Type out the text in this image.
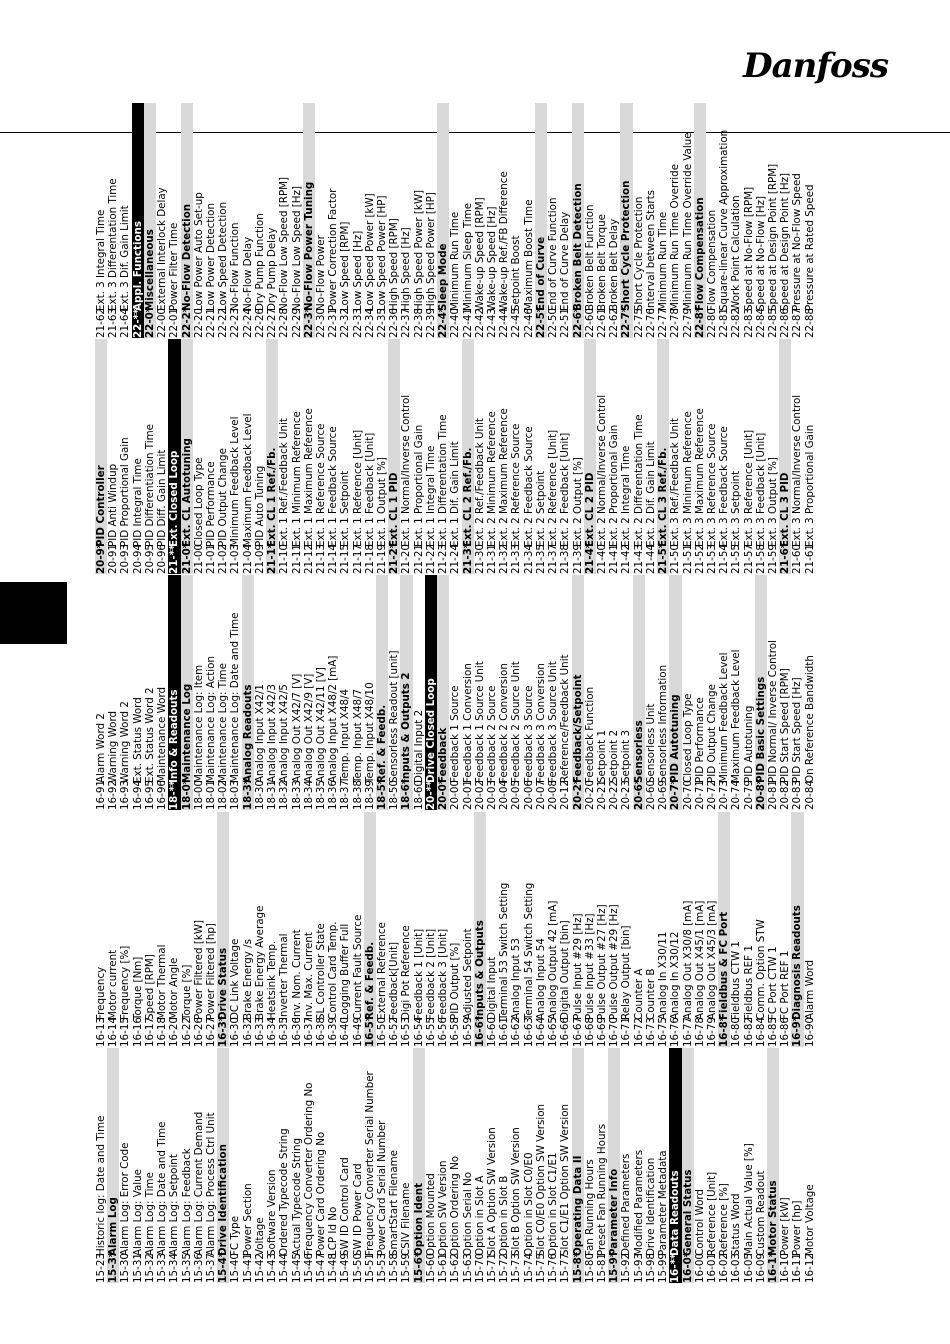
Danfoss
15-23
Historic log: Date and Time
15-3*
Alarm Log
15-30
Alarm Log: Error Code
15-31
Alarm Log: Value
15-32
Alarm Log: Time
15-33
Alarm Log: Date and Time
15-34
Alarm Log: Setpoint
15-35
Alarm Log: Feedback
15-36
Alarm Log: Current Demand
15-37
Alarm Log: Process Ctrl Unit
15-4*
Drive Identification
15-40
FC Type
15-41
Power Section
15-42
Voltage
15-43
Software Version
15-44
Ordered Typecode String
15-45
Actual Typecode String
15-46
Frequency Converter Ordering No
15-47
Power Card Ordering No
15-48
LCP Id No
15-49
SW ID Control Card
15-50
SW ID Power Card
15-51
Frequency Converter Serial Number
15-53
Power Card Serial Number
15-58
SmartStart Filename
15-59
CSIV Filename
15-6*
Option Ident
15-60
Option Mounted
15-61
Option SW Version
15-62
Option Ordering No
15-63
Option Serial No
15-70
Option in Slot A
15-71
Slot A Option SW Version
15-72
Option in Slot B
15-73
Slot B Option SW Version
15-74
Option in Slot C0/E0
15-75
Slot C0/E0 Option SW Version
15-76
Option in Slot C1/E1
15-77
Slot C1/E1 Option SW Version
15-8*
Operating Data II
15-80
Fan Running Hours
15-81
Preset Fan Running Hours
15-9*
Parameter Info
15-92
Defined Parameters
15-93
Modified Parameters
15-98
Drive Identification
15-99
Parameter Metadata
16-**
Data Readouts
16-0*
General Status
16-00
Control Word
16-01
Reference [Unit]
16-02
Reference [%]
16-03
Status Word
16-05
Main Actual Value [%]
16-09
Custom Readout
16-1*
Motor Status
16-10
Power [kW]
16-11
Power [hp]
16-12
Motor Voltage
16-13
Frequency
16-14
Motor current
16-15
Frequency [%]
16-16
Torque [Nm]
16-17
Speed [RPM]
16-18
Motor Thermal
16-20
Motor Angle
16-22
Torque [%]
16-26
Power Filtered [kW]
16-27
Power Filtered [hp]
16-3*
Drive Status
16-30
DC Link Voltage
16-32
Brake Energy /s
16-33
Brake Energy Average
16-34
Heatsink Temp.
16-35
Inverter Thermal
16-36
Inv. Nom. Current
16-37
Inv. Max. Current
16-38
SL Controller State
16-39
Control Card Temp.
16-40
Logging Buffer Full
16-49
Current Fault Source
16-5*
Ref. & Feedb.
16-50
External Reference
16-52
Feedback[Unit]
16-53
Digi Pot Reference
16-54
Feedback 1 [Unit]
16-55
Feedback 2 [Unit]
16-56
Feedback 3 [Unit]
16-58
PID Output [%]
16-59
Adjusted Setpoint
16-6*
Inputs & Outputs
16-60
Digital Input
16-61
Terminal 53 Switch Setting
16-62
Analog Input 53
16-63
Terminal 54 Switch Setting
16-64
Analog Input 54
16-65
Analog Output 42 [mA]
16-66
Digital Output [bin]
16-67
Pulse Input #29 [Hz]
16-68
Pulse Input #33 [Hz]
16-69
Pulse Output #27 [Hz]
16-70
Pulse Output #29 [Hz]
16-71
Relay Output [bin]
16-72
Counter A
16-73
Counter B
16-75
Analog In X30/11
16-76
Analog In X30/12
16-77
Analog Out X30/8 [mA]
16-78
Analog Out X45/1 [mA]
16-79
Analog Out X45/3 [mA]
16-8*
Fieldbus & FC Port
16-80
Fieldbus CTW 1
16-82
Fieldbus REF 1
16-84
Comm. Option STW
16-85
FC Port CTW 1
16-86
FC Port REF 1
16-9*
Diagnosis Readouts
16-90
Alarm Word
16-91
Alarm Word 2
16-92
Warning Word
16-93
Warning Word 2
16-94
Ext. Status Word
16-95
Ext. Status Word 2
16-96
Maintenance Word
18-**
Info & Readouts
18-0*
Maintenance Log
18-00
Maintenance Log: Item
18-01
Maintenance Log: Action
18-02
Maintenance Log: Time
18-03
Maintenance Log: Date and Time
18-3*
Analog Readouts
18-30
Analog Input X42/1
18-31
Analog Input X42/3
18-32
Analog Input X42/5
18-33
Analog Out X42/7 [V]
18-34
Analog Out X42/9 [V]
18-35
Analog Out X42/11 [V]
18-36
Analog Input X48/2 [mA]
18-37
Temp. Input X48/4
18-38
Temp. Input X48/7
18-39
Temp. Input X48/10
18-5*
Ref. & Feedb.
18-50
Sensorless Readout [unit]
18-6*
Inputs & Outputs 2
18-60
Digital Input 2
20-**
Drive Closed Loop
20-0*
Feedback
20-00
Feedback 1 Source
20-01
Feedback 1 Conversion
20-02
Feedback 1 Source Unit
20-03
Feedback 2 Source
20-04
Feedback 2 Conversion
20-05
Feedback 2 Source Unit
20-06
Feedback 3 Source
20-07
Feedback 3 Conversion
20-08
Feedback 3 Source Unit
20-12
Reference/Feedback Unit
20-2*
Feedback/Setpoint
20-20
Feedback Function
20-21
Setpoint 1
20-22
Setpoint 2
20-23
Setpoint 3
20-6*
Sensorless
20-60
Sensorless Unit
20-69
Sensorless Information
20-7*
PID Autotuning
20-70
Closed Loop Type
20-71
PID Performance
20-72
PID Output Change
20-73
Minimum Feedback Level
20-74
Maximum Feedback Level
20-79
PID Autotuning
20-8*
PID Basic Settings
20-81
PID Normal/ Inverse Control
20-82
PID Start Speed [RPM]
20-83
PID Start Speed [Hz]
20-84
On Reference Bandwidth
20-9*
PID Controller
20-91
PID Anti Windup
20-93
PID Proportional Gain
20-94
PID Integral Time
20-95
PID Differentiation Time
20-96
PID Diff. Gain Limit
21-**
Ext. Closed Loop
21-0*
Ext. CL Autotuning
21-00
Closed Loop Type
21-01
PID Performance
21-02
PID Output Change
21-03
Minimum Feedback Level
21-04
Maximum Feedback Level
21-09
PID Auto Tuning
21-1*
Ext. CL 1 Ref./Fb.
21-10
Ext. 1 Ref./Feedback Unit
21-11
Ext. 1 Minimum Reference
21-12
Ext. 1 Maximum Reference
21-13
Ext. 1 Reference Source
21-14
Ext. 1 Feedback Source
21-15
Ext. 1 Setpoint
21-17
Ext. 1 Reference [Unit]
21-18
Ext. 1 Feedback [Unit]
21-19
Ext. 1 Output [%]
21-2*
Ext. CL 1 PID
21-20
Ext. 1 Normal/Inverse Control
21-21
Ext. 1 Proportional Gain
21-22
Ext. 1 Integral Time
21-23
Ext. 1 Differentation Time
21-24
Ext. 1 Dif. Gain Limit
21-3*
Ext. CL 2 Ref./Fb.
21-30
Ext. 2 Ref./Feedback Unit
21-31
Ext. 2 Minimum Reference
21-32
Ext. 2 Maximum Reference
21-33
Ext. 2 Reference Source
21-34
Ext. 2 Feedback Source
21-35
Ext. 2 Setpoint
21-37
Ext. 2 Reference [Unit]
21-38
Ext. 2 Feedback [Unit]
21-39
Ext. 2 Output [%]
21-4*
Ext. CL 2 PID
21-40
Ext. 2 Normal/Inverse Control
21-41
Ext. 2 Proportional Gain
21-42
Ext. 2 Integral Time
21-43
Ext. 2 Differentation Time
21-44
Ext. 2 Dif. Gain Limit
21-5*
Ext. CL 3 Ref./Fb.
21-50
Ext. 3 Ref./Feedback Unit
21-51
Ext. 3 Minimum Reference
21-52
Ext. 3 Maximum Reference
21-53
Ext. 3 Reference Source
21-54
Ext. 3 Feedback Source
21-55
Ext. 3 Setpoint
21-57
Ext. 3 Reference [Unit]
21-58
Ext. 3 Feedback [Unit]
21-59
Ext. 3 Output [%]
21-6*
Ext. CL 3 PID
21-60
Ext. 3 Normal/Inverse Control
21-61
Ext. 3 Proportional Gain
21-62
Ext. 3 Integral Time
21-63
Ext. 3 Differentation Time
21-64
Ext. 3 Dif. Gain Limit
22-**
Appl. Functions
22-0*
Miscellaneous
22-00
External Interlock Delay
22-01
Power Filter Time
22-2*
No-Flow Detection
22-20
Low Power Auto Set-up
22-21
Low Power Detection
22-22
Low Speed Detection
22-23
No-Flow Function
22-24
No-Flow Delay
22-26
Dry Pump Function
22-27
Dry Pump Delay
22-28
No-Flow Low Speed [RPM]
22-29
No-Flow Low Speed [Hz]
22-3*
No-Flow Power Tuning
22-30
No-Flow Power
22-31
Power Correction Factor
22-32
Low Speed [RPM]
22-33
Low Speed [Hz]
22-34
Low Speed Power [kW]
22-35
Low Speed Power [HP]
22-36
High Speed [RPM]
22-37
High Speed [Hz]
22-38
High Speed Power [kW]
22-39
High Speed Power [HP]
22-4*
Sleep Mode
22-40
Minimum Run Time
22-41
Minimum Sleep Time
22-42
Wake-up Speed [RPM]
22-43
Wake-up Speed [Hz]
22-44
Wake-up Ref./FB Difference
22-45
Setpoint Boost
22-46
Maximum Boost Time
22-5*
End of Curve
22-50
End of Curve Function
22-51
End of Curve Delay
22-6*
Broken Belt Detection
22-60
Broken Belt Function
22-61
Broken Belt Torque
22-62
Broken Belt Delay
22-7*
Short Cycle Protection
22-75
Short Cycle Protection
22-76
Interval between Starts
22-77
Minimum Run Time
22-78
Minimum Run Time Override
22-79
Minimum Run Time Override Value
22-8*
Flow Compensation
22-80
Flow Compensation
22-81
Square-linear Curve Approximation
22-82
Work Point Calculation
22-83
Speed at No-Flow [RPM]
22-84
Speed at No-Flow [Hz]
22-85
Speed at Design Point [RPM]
22-86
Speed at Design Point [Hz]
22-87
Pressure at No-Flow Speed
22-88
Pressure at Rated Speed
